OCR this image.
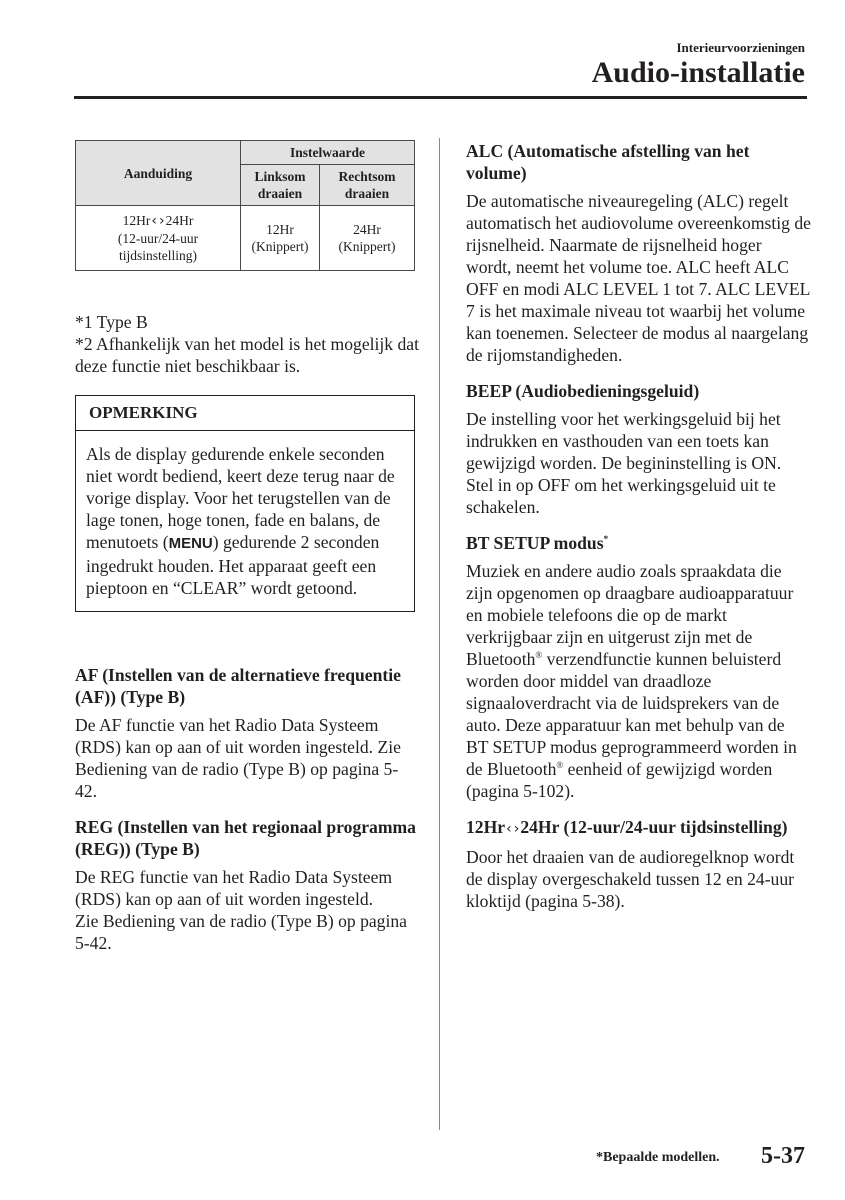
Interieurvoorzieningen
Audio-installatie
Aanduiding	Instelwaarde	
	Linksom draaien	Rechtsom draaien
12Hr‹ ›24Hr
(12-uur/24-uur tijdsinstelling)	12Hr (Knippert)	24Hr (Knippert)

*1 Type B

*2 Afhankelijk van het model is het mogelijk dat deze functie niet beschikbaar is.

OPMERKING
Als de display gedurende enkele seconden niet wordt bediend, keert deze terug naar de vorige display. Voor het terugstellen van de lage tonen, hoge tonen, fade en balans, de menutoets (MENU) gedurende 2 seconden ingedrukt houden. Het apparaat geeft een pieptoon en “CLEAR” wordt getoond.
AF (Instellen van de alternatieve frequentie (AF)) (Type B)

De AF functie van het Radio Data Systeem (RDS) kan op aan of uit worden ingesteld. Zie Bediening van de radio (Type B) op pagina 5-42.

REG (Instellen van het regionaal programma (REG)) (Type B)

De REG functie van het Radio Data Systeem (RDS) kan op aan of uit worden ingesteld.

Zie Bediening van de radio (Type B) op pagina 5-42.

ALC (Automatische afstelling van het volume)

De automatische niveauregeling (ALC) regelt automatisch het audiovolume overeenkomstig de rijsnelheid. Naarmate de rijsnelheid hoger wordt, neemt het volume toe. ALC heeft ALC OFF en modi ALC LEVEL 1 tot 7. ALC LEVEL 7 is het maximale niveau tot waarbij het volume kan toenemen. Selecteer de modus al naargelang de rijomstandigheden.

BEEP (Audiobedieningsgeluid)

De instelling voor het werkingsgeluid bij het indrukken en vasthouden van een toets kan gewijzigd worden. De begininstelling is ON. Stel in op OFF om het werkingsgeluid uit te schakelen.

BT SETUP modus*

Muziek en andere audio zoals spraakdata die zijn opgenomen op draagbare audioapparatuur en mobiele telefoons die op de markt verkrijgbaar zijn en uitgerust zijn met de Bluetooth® verzendfunctie kunnen beluisterd worden door middel van draadloze signaaloverdracht via de luidsprekers van de auto. Deze apparatuur kan met behulp van de BT SETUP modus geprogrammeerd worden in de Bluetooth® eenheid of gewijzigd worden (pagina 5-102).

12Hr‹ ›24Hr (12-uur/24-uur tijdsinstelling)

Door het draaien van de audioregelknop wordt de display overgeschakeld tussen 12 en 24-uur kloktijd (pagina 5-38).

*Bepaalde modellen. 5-37
